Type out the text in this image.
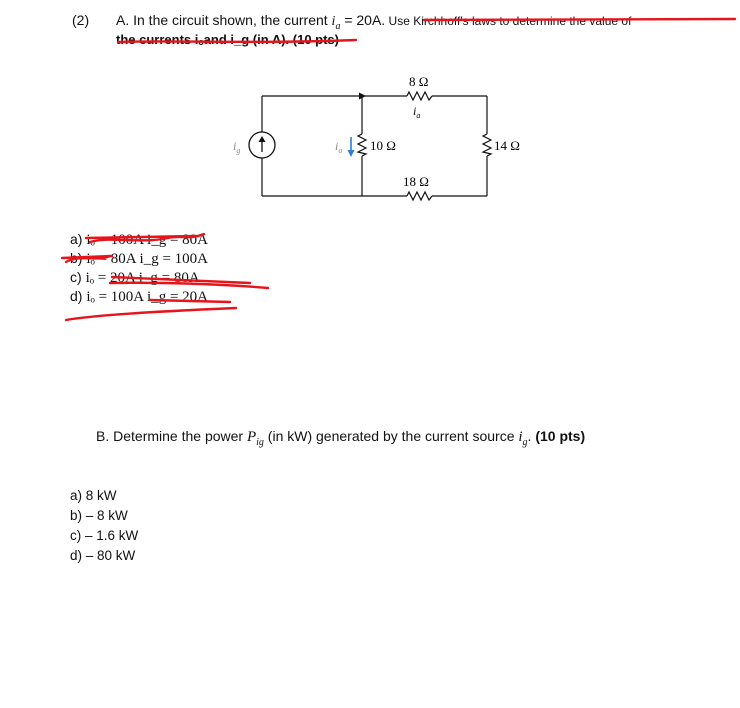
(2) A. In the circuit shown, the current $i_a = 20A$. Use Kirchhoff's laws to determine the value of
the currents iₒand i_g (in A). (10 pts)
8 Ω
18 Ω
10 Ω	14 Ω
$i_a$
$i_o$
$i_g$
a) iₒ = 100A i_g = 80A
b) iₒ = 80A i_g = 100A
c) iₒ = 20A i_g = 80A
d) iₒ = 100A i_g = 20A
B. Determine the power $P_{ig}$ (in kW) generated by the current source $i_g$. (10 pts)
a) 8 kW
b) – 8 kW
c) – 1.6 kW
d) – 80 kW
